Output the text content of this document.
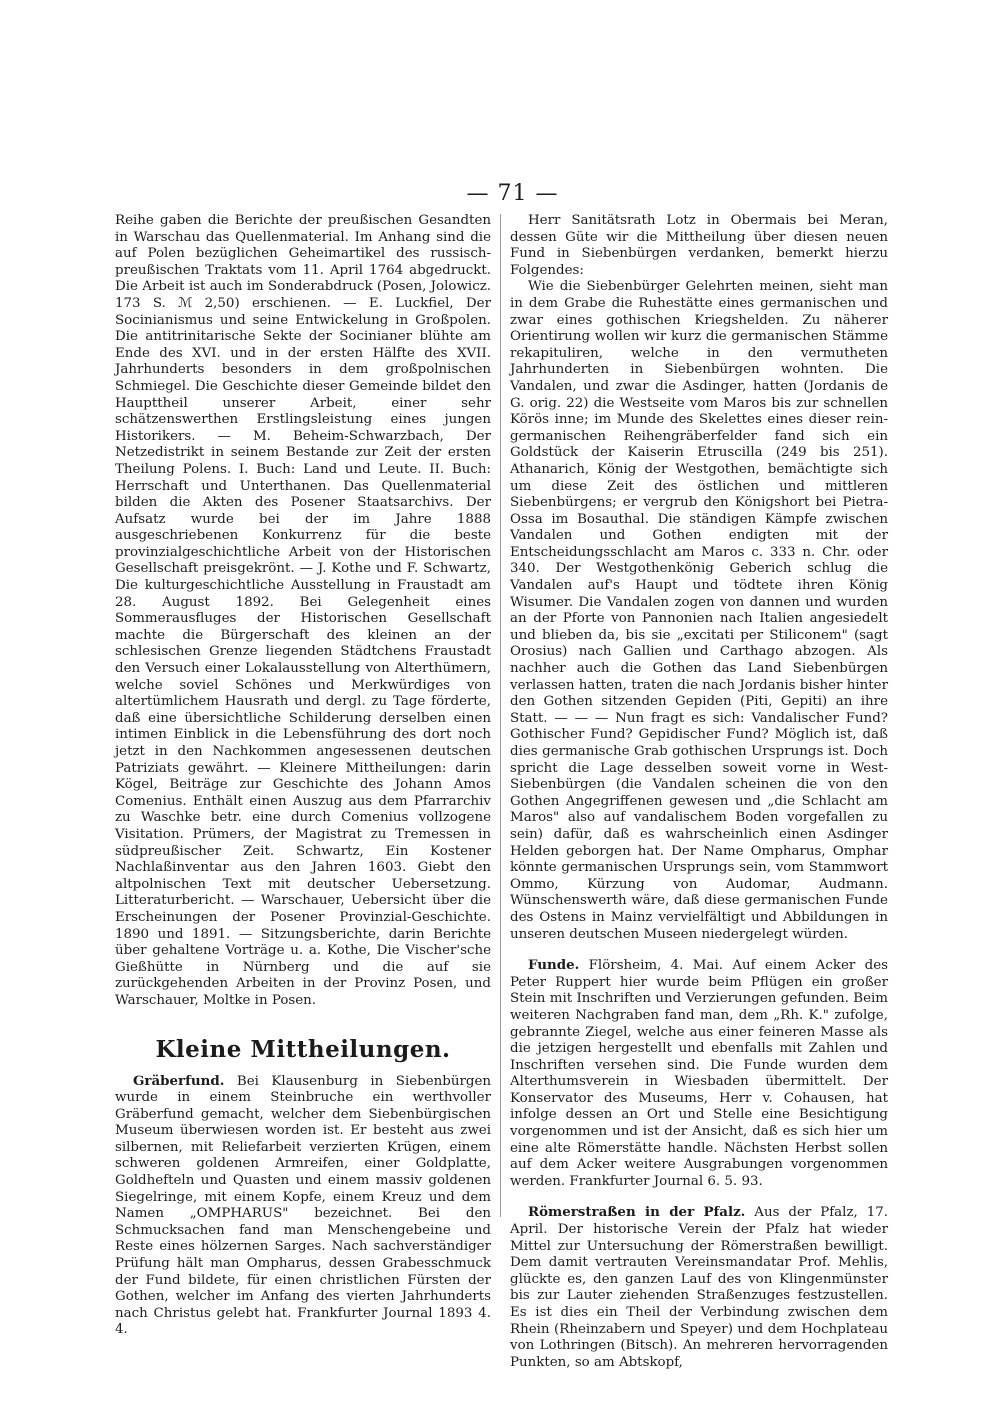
— 71 —

Reihe gaben die Berichte der preußischen Gesandten in Warschau das Quellenmaterial. Im Anhang sind die auf Polen bezüglichen Geheimartikel des russisch-preußischen Traktats vom 11. April 1764 abgedruckt. Die Arbeit ist auch im Sonderabdruck (Posen, Jolowicz. 173 S. ℳ 2,50) erschienen. — E. Luckfiel, Der Socinianismus und seine Entwickelung in Großpolen. Die antitrinitarische Sekte der Socinianer blühte am Ende des XVI. und in der ersten Hälfte des XVII. Jahrhunderts besonders in dem großpolnischen Schmiegel. Die Geschichte dieser Gemeinde bildet den Haupttheil unserer Arbeit, einer sehr schätzenswerthen Erstlingsleistung eines jungen Historikers. — M. Beheim-Schwarzbach, Der Netzedistrikt in seinem Bestande zur Zeit der ersten Theilung Polens. I. Buch: Land und Leute. II. Buch: Herrschaft und Unterthanen. Das Quellenmaterial bilden die Akten des Posener Staatsarchivs. Der Aufsatz wurde bei der im Jahre 1888 ausgeschriebenen Konkurrenz für die beste provinzialgeschichtliche Arbeit von der Historischen Gesellschaft preisgekrönt. — J. Kothe und F. Schwartz, Die kulturgeschichtliche Ausstellung in Fraustadt am 28. August 1892. Bei Gelegenheit eines Sommerausfluges der Historischen Gesellschaft machte die Bürgerschaft des kleinen an der schlesischen Grenze liegenden Städtchens Fraustadt den Versuch einer Lokalausstellung von Alterthümern, welche soviel Schönes und Merkwürdiges von altertümlichem Hausrath und dergl. zu Tage förderte, daß eine übersichtliche Schilderung derselben einen intimen Einblick in die Lebensführung des dort noch jetzt in den Nachkommen angesessenen deutschen Patriziats gewährt. — Kleinere Mittheilungen: darin Kögel, Beiträge zur Geschichte des Johann Amos Comenius. Enthält einen Auszug aus dem Pfarrarchiv zu Waschke betr. eine durch Comenius vollzogene Visitation. Prümers, der Magistrat zu Tremessen in südpreußischer Zeit. Schwartz, Ein Kostener Nachlaßinventar aus den Jahren 1603. Giebt den altpolnischen Text mit deutscher Uebersetzung. Litteraturbericht. — Warschauer, Uebersicht über die Erscheinungen der Posener Provinzial-Geschichte. 1890 und 1891. — Sitzungsberichte, darin Berichte über gehaltene Vorträge u. a. Kothe, Die Vischer'sche Gießhütte in Nürnberg und die auf sie zurückgehenden Arbeiten in der Provinz Posen, und Warschauer, Moltke in Posen.

Kleine Mittheilungen.

Gräberfund. Bei Klausenburg in Siebenbürgen wurde in einem Steinbruche ein werthvoller Gräberfund gemacht, welcher dem Siebenbürgischen Museum überwiesen worden ist. Er besteht aus zwei silbernen, mit Reliefarbeit verzierten Krügen, einem schweren goldenen Armreifen, einer Goldplatte, Goldhefteln und Quasten und einem massiv goldenen Siegelringe, mit einem Kopfe, einem Kreuz und dem Namen „OMPHARUS" bezeichnet. Bei den Schmucksachen fand man Menschengebeine und Reste eines hölzernen Sarges. Nach sachverständiger Prüfung hält man Ompharus, dessen Grabesschmuck der Fund bildete, für einen christlichen Fürsten der Gothen, welcher im Anfang des vierten Jahrhunderts nach Christus gelebt hat. Frankfurter Journal 1893 4. 4.

Herr Sanitätsrath Lotz in Obermais bei Meran, dessen Güte wir die Mittheilung über diesen neuen Fund in Siebenbürgen verdanken, bemerkt hierzu Folgendes:

Wie die Siebenbürger Gelehrten meinen, sieht man in dem Grabe die Ruhestätte eines germanischen und zwar eines gothischen Kriegshelden. Zu näherer Orientirung wollen wir kurz die germanischen Stämme rekapituliren, welche in den vermutheten Jahrhunderten in Siebenbürgen wohnten. Die Vandalen, und zwar die Asdinger, hatten (Jordanis de G. orig. 22) die Westseite vom Maros bis zur schnellen Körös inne; im Munde des Skelettes eines dieser rein-germanischen Reihengräberfelder fand sich ein Goldstück der Kaiserin Etruscilla (249 bis 251). Athanarich, König der Westgothen, bemächtigte sich um diese Zeit des östlichen und mittleren Siebenbürgens; er vergrub den Königshort bei Pietra-Ossa im Bosauthal. Die ständigen Kämpfe zwischen Vandalen und Gothen endigten mit der Entscheidungsschlacht am Maros c. 333 n. Chr. oder 340. Der Westgothenkönig Geberich schlug die Vandalen auf's Haupt und tödtete ihren König Wisumer. Die Vandalen zogen von dannen und wurden an der Pforte von Pannonien nach Italien angesiedelt und blieben da, bis sie „excitati per Stiliconem" (sagt Orosius) nach Gallien und Carthago abzogen. Als nachher auch die Gothen das Land Siebenbürgen verlassen hatten, traten die nach Jordanis bisher hinter den Gothen sitzenden Gepiden (Piti, Gepiti) an ihre Statt. — — — Nun fragt es sich: Vandalischer Fund? Gothischer Fund? Gepidischer Fund? Möglich ist, daß dies germanische Grab gothischen Ursprungs ist. Doch spricht die Lage desselben soweit vorne in West-Siebenbürgen (die Vandalen scheinen die von den Gothen Angegriffenen gewesen und „die Schlacht am Maros" also auf vandalischem Boden vorgefallen zu sein) dafür, daß es wahrscheinlich einen Asdinger Helden geborgen hat. Der Name Ompharus, Omphar könnte germanischen Ursprungs sein, vom Stammwort Ommo, Kürzung von Audomar, Audmann. Wünschenswerth wäre, daß diese germanischen Funde des Ostens in Mainz vervielfältigt und Abbildungen in unseren deutschen Museen niedergelegt würden.

Funde. Flörsheim, 4. Mai. Auf einem Acker des Peter Ruppert hier wurde beim Pflügen ein großer Stein mit Inschriften und Verzierungen gefunden. Beim weiteren Nachgraben fand man, dem „Rh. K." zufolge, gebrannte Ziegel, welche aus einer feineren Masse als die jetzigen hergestellt und ebenfalls mit Zahlen und Inschriften versehen sind. Die Funde wurden dem Alterthumsverein in Wiesbaden übermittelt. Der Konservator des Museums, Herr v. Cohausen, hat infolge dessen an Ort und Stelle eine Besichtigung vorgenommen und ist der Ansicht, daß es sich hier um eine alte Römerstätte handle. Nächsten Herbst sollen auf dem Acker weitere Ausgrabungen vorgenommen werden. Frankfurter Journal 6. 5. 93.

Römerstraßen in der Pfalz. Aus der Pfalz, 17. April. Der historische Verein der Pfalz hat wieder Mittel zur Untersuchung der Römerstraßen bewilligt. Dem damit vertrauten Vereinsmandatar Prof. Mehlis, glückte es, den ganzen Lauf des von Klingenmünster bis zur Lauter ziehenden Straßenzuges festzustellen. Es ist dies ein Theil der Verbindung zwischen dem Rhein (Rheinzabern und Speyer) und dem Hochplateau von Lothringen (Bitsch). An mehreren hervorragenden Punkten, so am Abtskopf,
